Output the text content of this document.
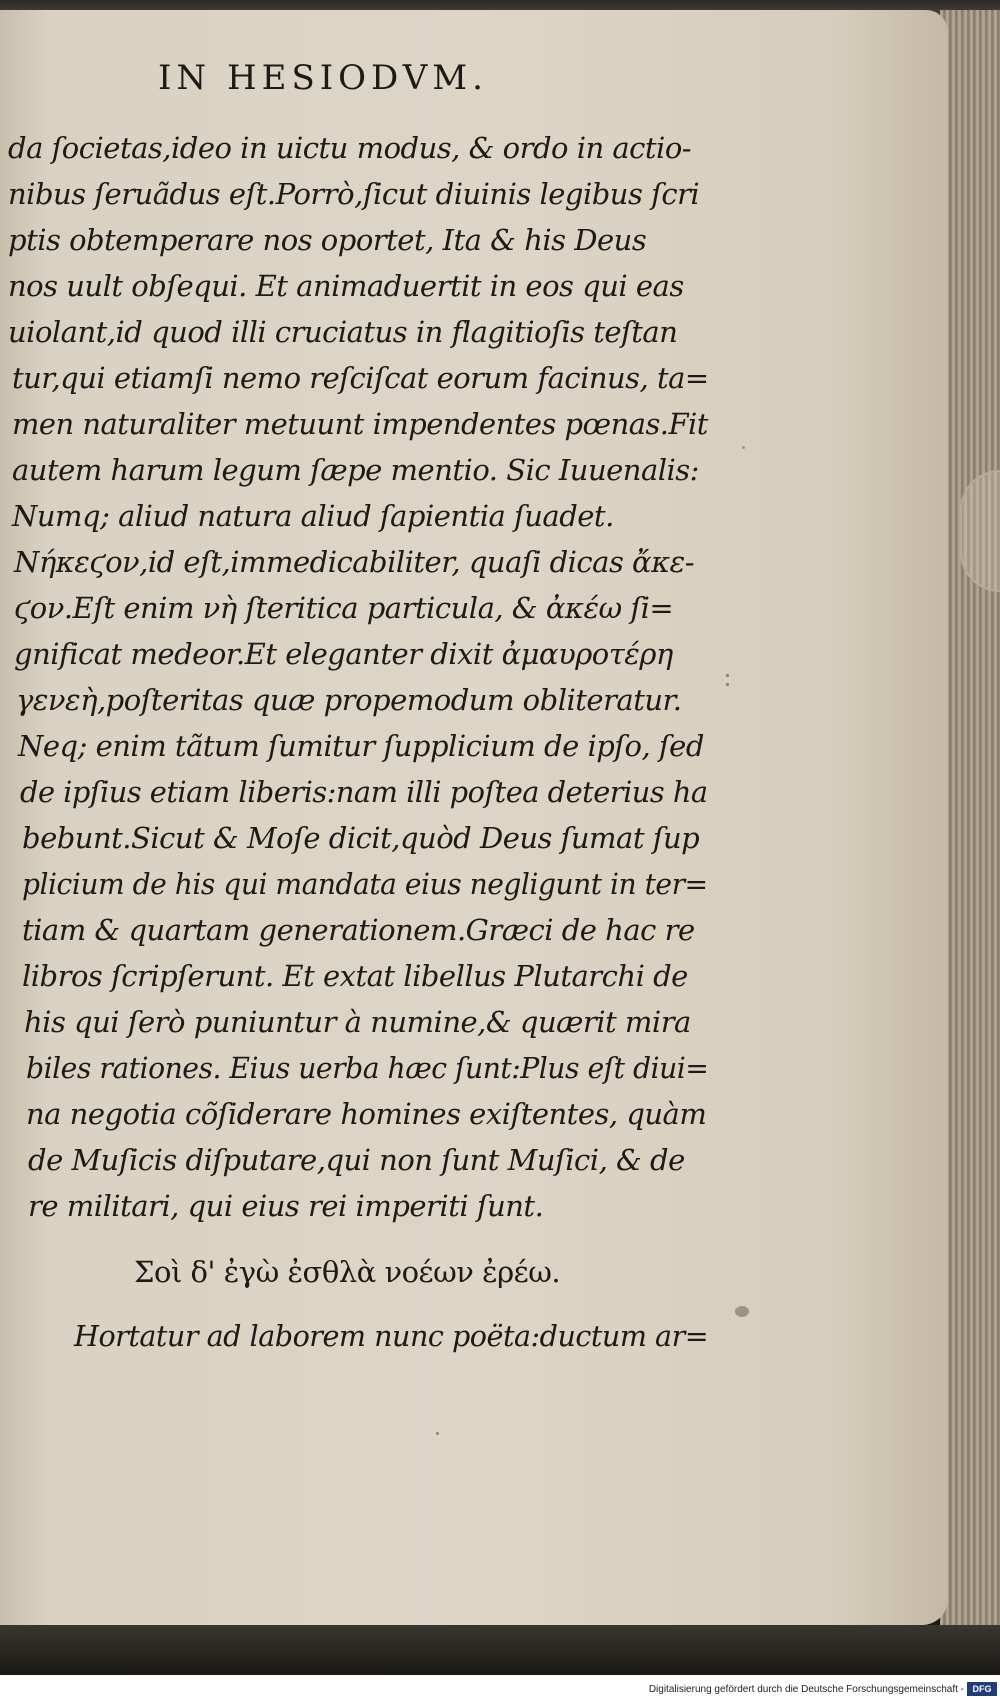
IN HESIODVM.
da ſocietas,ideo in uictu modus, & ordo in actio-
nibus ſeruãdus eſt.Porrò,ſicut diuinis legibus ſcri
ptis obtemperare nos oportet, Ita & his Deus
nos uult obſequi. Et animaduertit in eos qui eas
uiolant,id quod illi cruciatus in flagitioſis teſtan
tur,qui etiamſi nemo reſciſcat eorum facinus, ta=
men naturaliter metuunt impendentes pœnas.Fit
autem harum legum ſæpe mentio. Sic Iuuenalis:
Numq; aliud natura aliud ſapientia ſuadet.
Νήκεϛον,id eſt,immedicabiliter, quaſi dicas ἄκε-
ϛον.Eſt enim νὴ ſteritica particula, & ἀκέω ſi=
gnificat medeor.Et eleganter dixit ἀμαυροτέρη
γενεὴ,poſteritas quæ propemodum obliteratur.
Neq; enim tãtum ſumitur ſupplicium de ipſo, ſed
de ipſius etiam liberis:nam illi poſtea deterius ha
bebunt.Sicut & Moſe dicit,quòd Deus ſumat ſup
plicium de his qui mandata eius negligunt in ter=
tiam & quartam generationem.Græci de hac re
libros ſcripſerunt. Et extat libellus Plutarchi de
his qui ſerò puniuntur à numine,& quærit mira
biles rationes. Eius uerba hæc ſunt:Plus eſt diui=
na negotia cõſiderare homines exiſtentes, quàm
de Muſicis diſputare,qui non ſunt Muſici, & de
re militari, qui eius rei imperiti ſunt.
Σοὶ δ' ἐγὼ ἐσθλὰ νοέων ἐρέω.
Hortatur ad laborem nunc poëta:ductum ar=
Digitalisierung gefördert durch die Deutsche Forschungsgemeinschaft - DFG
